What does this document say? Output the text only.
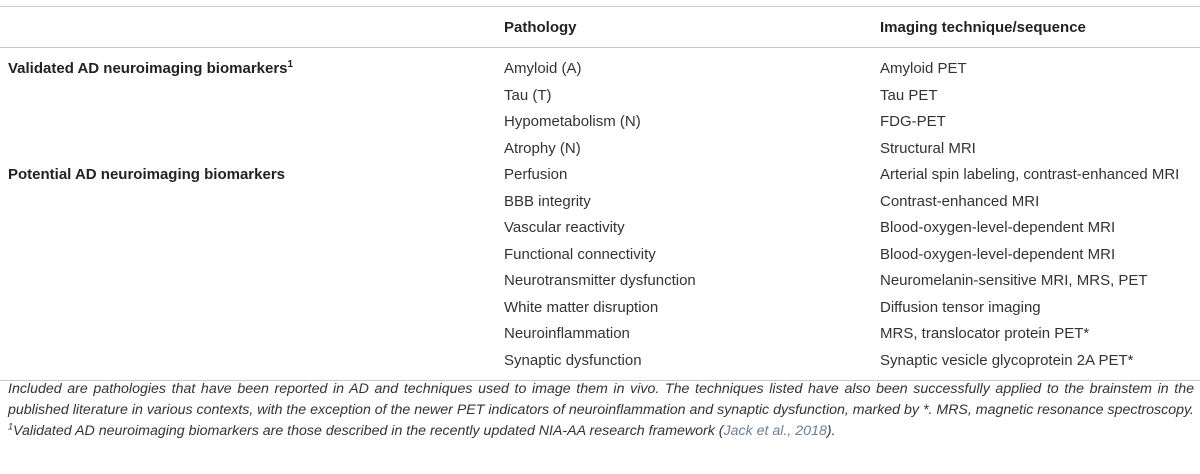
	Pathology	Imaging technique/sequence
Validated AD neuroimaging biomarkers$^1$	Amyloid (A)	Amyloid PET
	Tau (T)	Tau PET
	Hypometabolism (N)	FDG-PET
	Atrophy (N)	Structural MRI
Potential AD neuroimaging biomarkers	Perfusion	Arterial spin labeling, contrast-enhanced MRI
	BBB integrity	Contrast-enhanced MRI
	Vascular reactivity	Blood-oxygen-level-dependent MRI
	Functional connectivity	Blood-oxygen-level-dependent MRI
	Neurotransmitter dysfunction	Neuromelanin-sensitive MRI, MRS, PET
	White matter disruption	Diffusion tensor imaging
	Neuroinflammation	MRS, translocator protein PET*
	Synaptic dysfunction	Synaptic vesicle glycoprotein 2A PET*
Included are pathologies that have been reported in AD and techniques used to image them in vivo. The techniques listed have also been successfully applied to the brainstem in the published literature in various contexts, with the exception of the newer PET indicators of neuroinflammation and synaptic dysfunction, marked by *. MRS, magnetic resonance spectroscopy. $^1$Validated AD neuroimaging biomarkers are those described in the recently updated NIA-AA research framework (Jack et al., 2018).
